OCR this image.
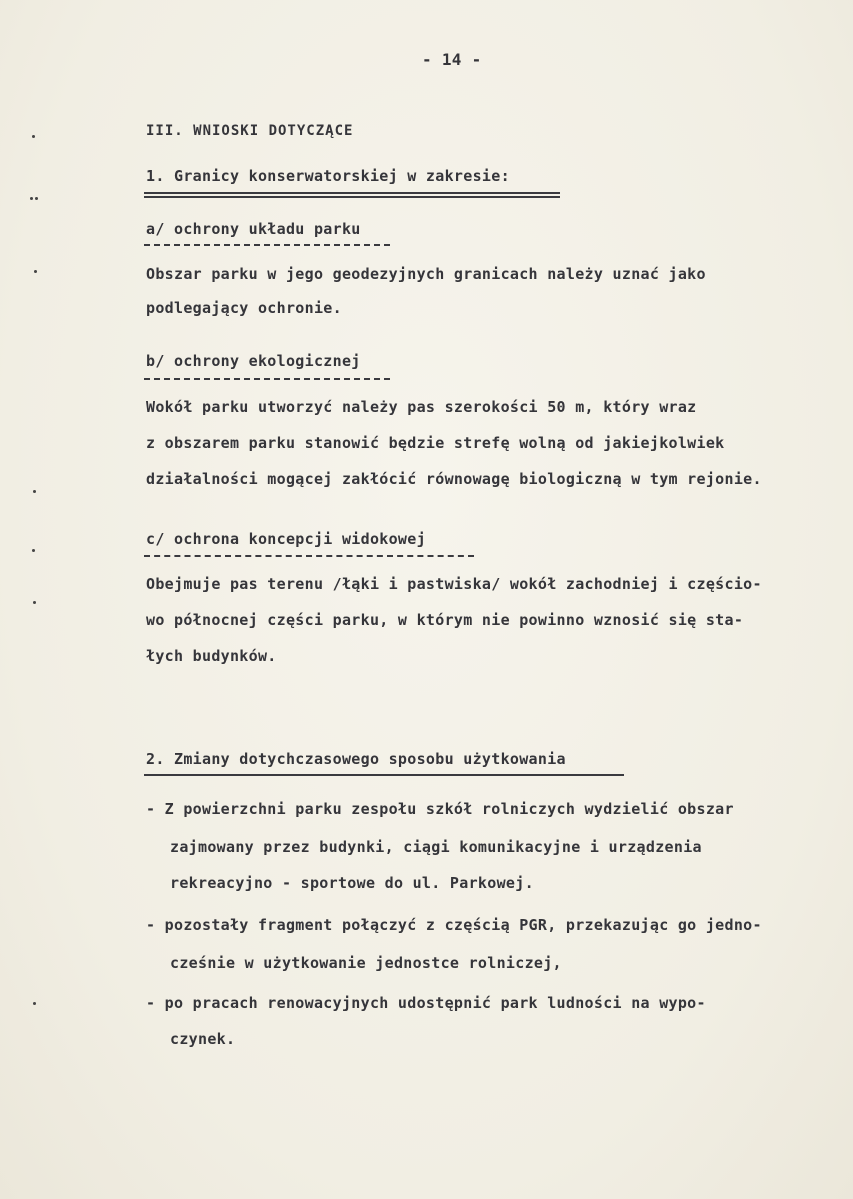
- 14 -
III. WNIOSKI DOTYCZĄCE
1. Granicy konserwatorskiej w zakresie:
a/ ochrony układu parku
Obszar parku w jego geodezyjnych granicach należy uznać jako
podlegający ochronie.
b/ ochrony ekologicznej
Wokół parku utworzyć należy pas szerokości 50 m, który wraz
z obszarem parku stanowić będzie strefę wolną od jakiejkolwiek
działalności mogącej zakłócić równowagę biologiczną w tym rejonie.
c/ ochrona koncepcji widokowej
Obejmuje pas terenu /łąki i pastwiska/ wokół zachodniej i częścio-
wo północnej części parku, w którym nie powinno wznosić się sta-
łych budynków.
2. Zmiany dotychczasowego sposobu użytkowania
- Z powierzchni parku zespołu szkół rolniczych wydzielić obszar
zajmowany przez budynki, ciągi komunikacyjne i urządzenia
rekreacyjno - sportowe do ul. Parkowej.
- pozostały fragment połączyć z częścią PGR, przekazując go jedno-
cześnie w użytkowanie jednostce rolniczej,
- po pracach renowacyjnych udostępnić park ludności na wypo-
czynek.
